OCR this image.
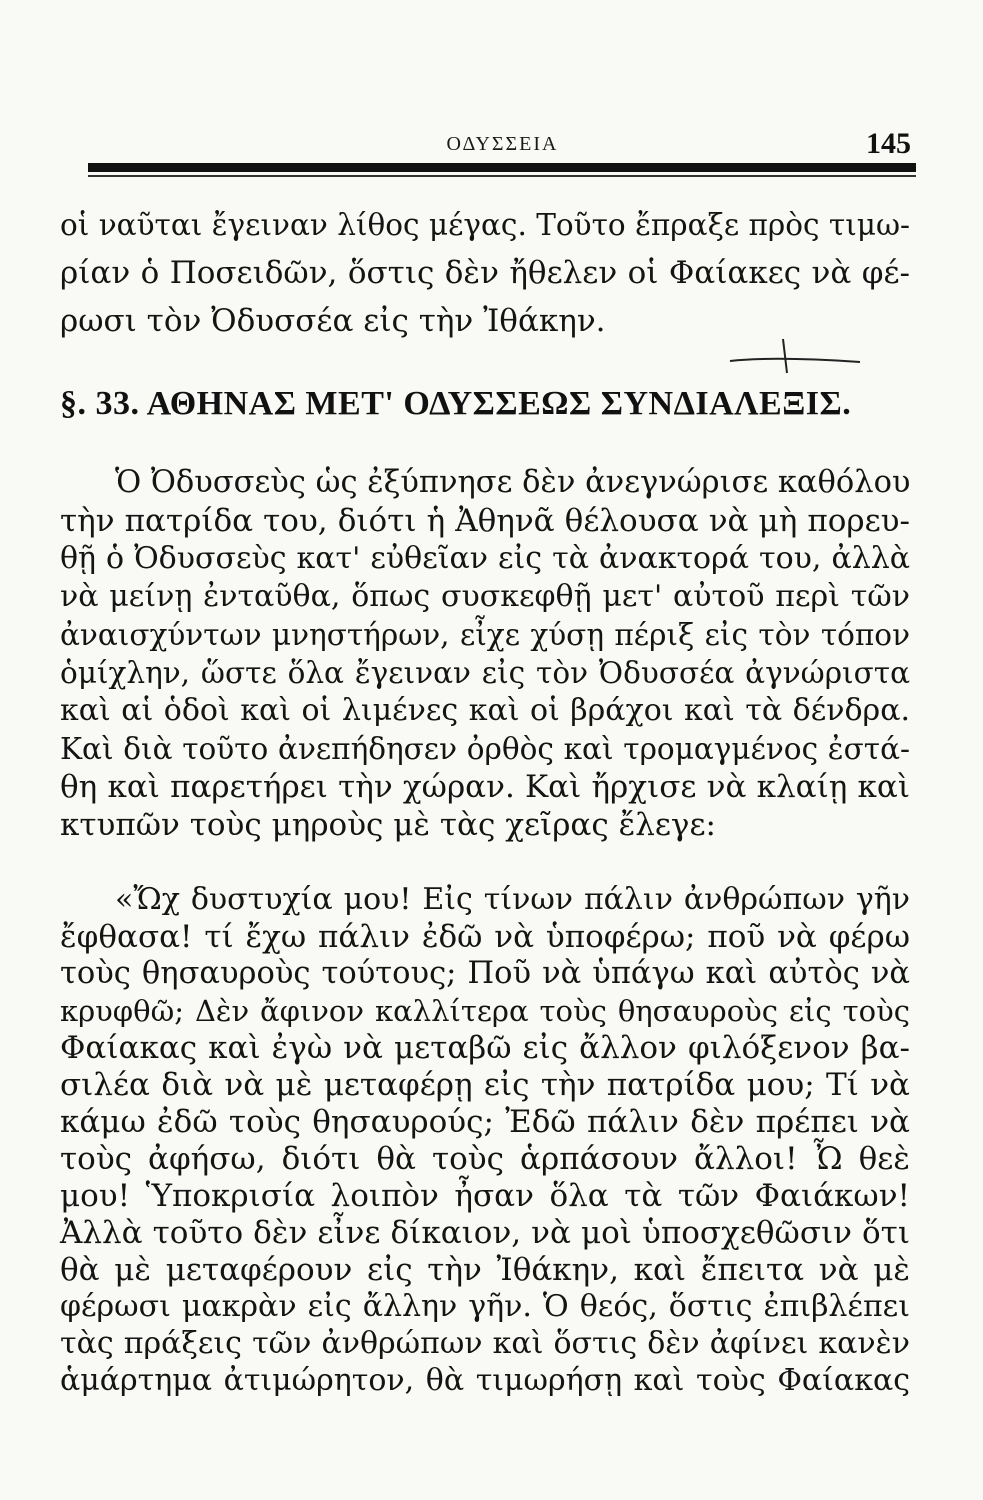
ΟΔΥΣΣΕΙΑ	145
οἱ ναῦται ἔγειναν λίθος μέγας. Τοῦτο ἔπραξε πρὸς τιμω-
ρίαν ὁ Ποσειδῶν, ὅστις δὲν ἤθελεν οἱ Φαίακες νὰ φέ-
ρωσι τὸν Ὀδυσσέα εἰς τὴν Ἰθάκην.
§. 33. ΑΘΗΝΑΣ ΜΕΤ' ΟΔΥΣΣΕΩΣ ΣΥΝΔΙΑΛΕΞΙΣ.
Ὁ Ὀδυσσεὺς ὡς ἐξύπνησε δὲν ἀνεγνώρισε καθόλου
τὴν πατρίδα του, διότι ἡ Ἀθηνᾶ θέλουσα νὰ μὴ πορευ-
θῇ ὁ Ὀδυσσεὺς κατ' εὐθεῖαν εἰς τὰ ἀνακτορά του, ἀλλὰ
νὰ μείνῃ ἐνταῦθα, ὅπως συσκεφθῇ μετ' αὐτοῦ περὶ τῶν
ἀναισχύντων μνηστήρων, εἶχε χύσῃ πέριξ εἰς τὸν τόπον
ὁμίχλην, ὥστε ὅλα ἔγειναν εἰς τὸν Ὀδυσσέα ἀγνώριστα
καὶ αἱ ὁδοὶ καὶ οἱ λιμένες καὶ οἱ βράχοι καὶ τὰ δένδρα.
Καὶ διὰ τοῦτο ἀνεπήδησεν ὀρθὸς καὶ τρομαγμένος ἐστά-
θη καὶ παρετήρει τὴν χώραν. Καὶ ἤρχισε νὰ κλαίῃ καὶ
κτυπῶν τοὺς μηροὺς μὲ τὰς χεῖρας ἔλεγε:
«Ὤχ δυστυχία μου! Εἰς τίνων πάλιν ἀνθρώπων γῆν
ἔφθασα! τί ἔχω πάλιν ἐδῶ νὰ ὑποφέρω; ποῦ νὰ φέρω
τοὺς θησαυροὺς τούτους; Ποῦ νὰ ὑπάγω καὶ αὐτὸς νὰ
κρυφθῶ; Δὲν ἄφινον καλλίτερα τοὺς θησαυροὺς εἰς τοὺς
Φαίακας καὶ ἐγὼ νὰ μεταβῶ εἰς ἄλλον φιλόξενον βα-
σιλέα διὰ νὰ μὲ μεταφέρῃ εἰς τὴν πατρίδα μου; Τί νὰ
κάμω ἐδῶ τοὺς θησαυρούς; Ἐδῶ πάλιν δὲν πρέπει νὰ
τοὺς ἀφήσω, διότι θὰ τοὺς ἁρπάσουν ἄλλοι! Ὦ θεὲ
μου! Ὑποκρισία λοιπὸν ἦσαν ὅλα τὰ τῶν Φαιάκων!
Ἀλλὰ τοῦτο δὲν εἶνε δίκαιον, νὰ μοὶ ὑποσχεθῶσιν ὅτι
θὰ μὲ μεταφέρουν εἰς τὴν Ἰθάκην, καὶ ἔπειτα νὰ μὲ
φέρωσι μακρὰν εἰς ἄλλην γῆν. Ὁ θεός, ὅστις ἐπιβλέπει
τὰς πράξεις τῶν ἀνθρώπων καὶ ὅστις δὲν ἀφίνει κανὲν
ἁμάρτημα ἀτιμώρητον, θὰ τιμωρήσῃ καὶ τοὺς Φαίακας
